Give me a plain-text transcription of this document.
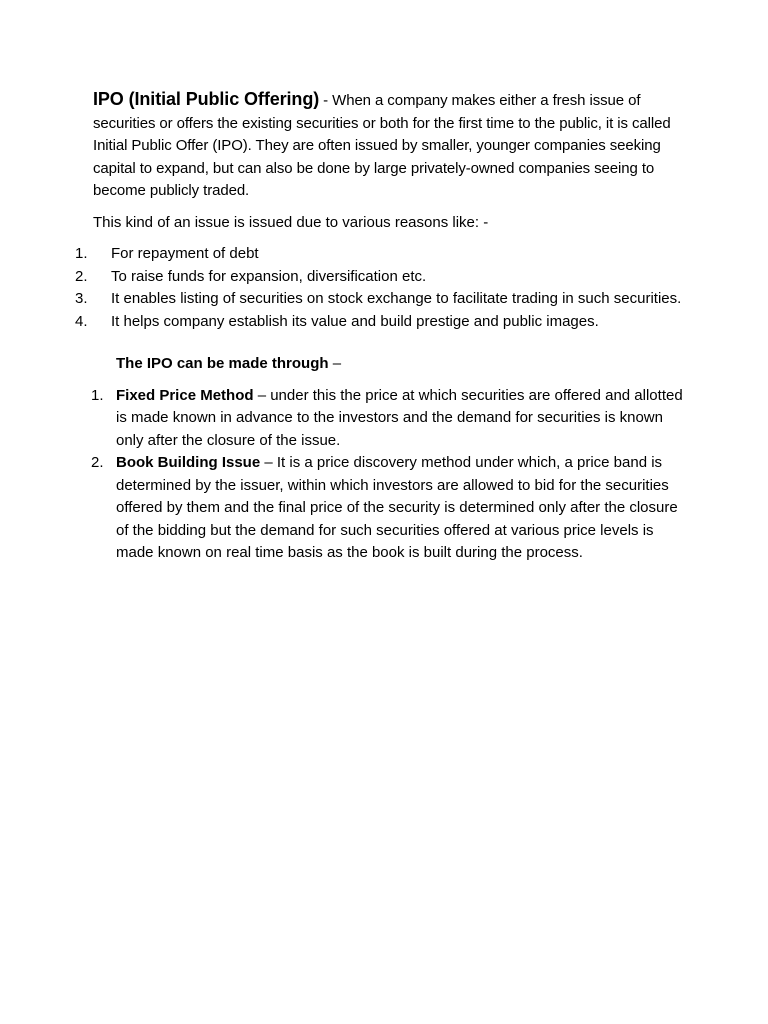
IPO (Initial Public Offering) - When a company makes either a fresh issue of securities or offers the existing securities or both for the first time to the public, it is called Initial Public Offer (IPO). They are often issued by smaller, younger companies seeking capital to expand, but can also be done by large privately-owned companies seeing to become publicly traded.

This kind of an issue is issued due to various reasons like: -

1.	For repayment of debt
2.	To raise funds for expansion, diversification etc.
3.	It enables listing of securities on stock exchange to facilitate trading in such securities.
4.	It helps company establish its value and build prestige and public images.

The IPO can be made through –

1. Fixed Price Method – under this the price at which securities are offered and allotted is made known in advance to the investors and the demand for securities is known only after the closure of the issue.
2. Book Building Issue – It is a price discovery method under which, a price band is determined by the issuer, within which investors are allowed to bid for the securities offered by them and the final price of the security is determined only after the closure of the bidding but the demand for such securities offered at various price levels is made known on real time basis as the book is built during the process.
